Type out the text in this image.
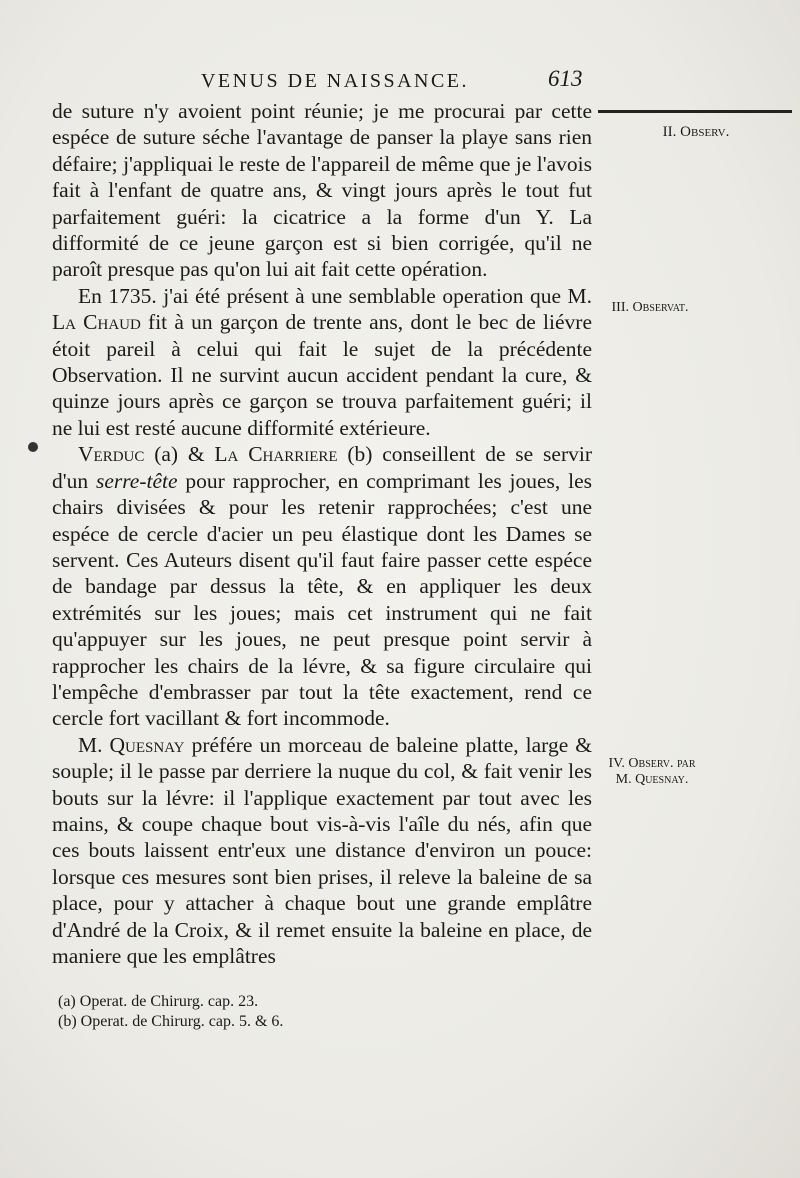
VENUS DE NAISSANCE.	613

de suture n'y avoient point réunie; je me procurai par cette espéce de suture séche l'avantage de panser la playe sans rien défaire; j'appliquai le reste de l'appareil de même que je l'avois fait à l'enfant de quatre ans, & vingt jours après le tout fut parfaitement guéri: la cicatrice a la forme d'un Y. La difformité de ce jeune garçon est si bien corrigée, qu'il ne paroît presque pas qu'on lui ait fait cette opération.

En 1735. j'ai été présent à une semblable operation que M. La Chaud fit à un garçon de trente ans, dont le bec de liévre étoit pareil à celui qui fait le sujet de la précédente Observation. Il ne survint aucun accident pendant la cure, & quinze jours après ce garçon se trouva parfaitement guéri; il ne lui est resté aucune difformité extérieure.

Verduc (a) & La Charriere (b) conseillent de se servir d'un serre-tête pour rapprocher, en comprimant les joues, les chairs divisées & pour les retenir rapprochées; c'est une espéce de cercle d'acier un peu élastique dont les Dames se servent. Ces Auteurs disent qu'il faut faire passer cette espéce de bandage par dessus la tête, & en appliquer les deux extrémités sur les joues; mais cet instrument qui ne fait qu'appuyer sur les joues, ne peut presque point servir à rapprocher les chairs de la lévre, & sa figure circulaire qui l'empêche d'embrasser par tout la tête exactement, rend ce cercle fort vacillant & fort incommode.

M. Quesnay préfére un morceau de baleine platte, large & souple; il le passe par derriere la nuque du col, & fait venir les bouts sur la lévre: il l'applique exactement par tout avec les mains, & coupe chaque bout vis-à-vis l'aîle du nés, afin que ces bouts laissent entr'eux une distance d'environ un pouce: lorsque ces mesures sont bien prises, il releve la baleine de sa place, pour y attacher à chaque bout une grande emplâtre d'André de la Croix, & il remet ensuite la baleine en place, de maniere que les emplâtres

II. Observ.
III. Observat.
IV. Observ. par M. Quesnay.
(a) Operat. de Chirurg. cap. 23.
(b) Operat. de Chirurg. cap. 5. & 6.
